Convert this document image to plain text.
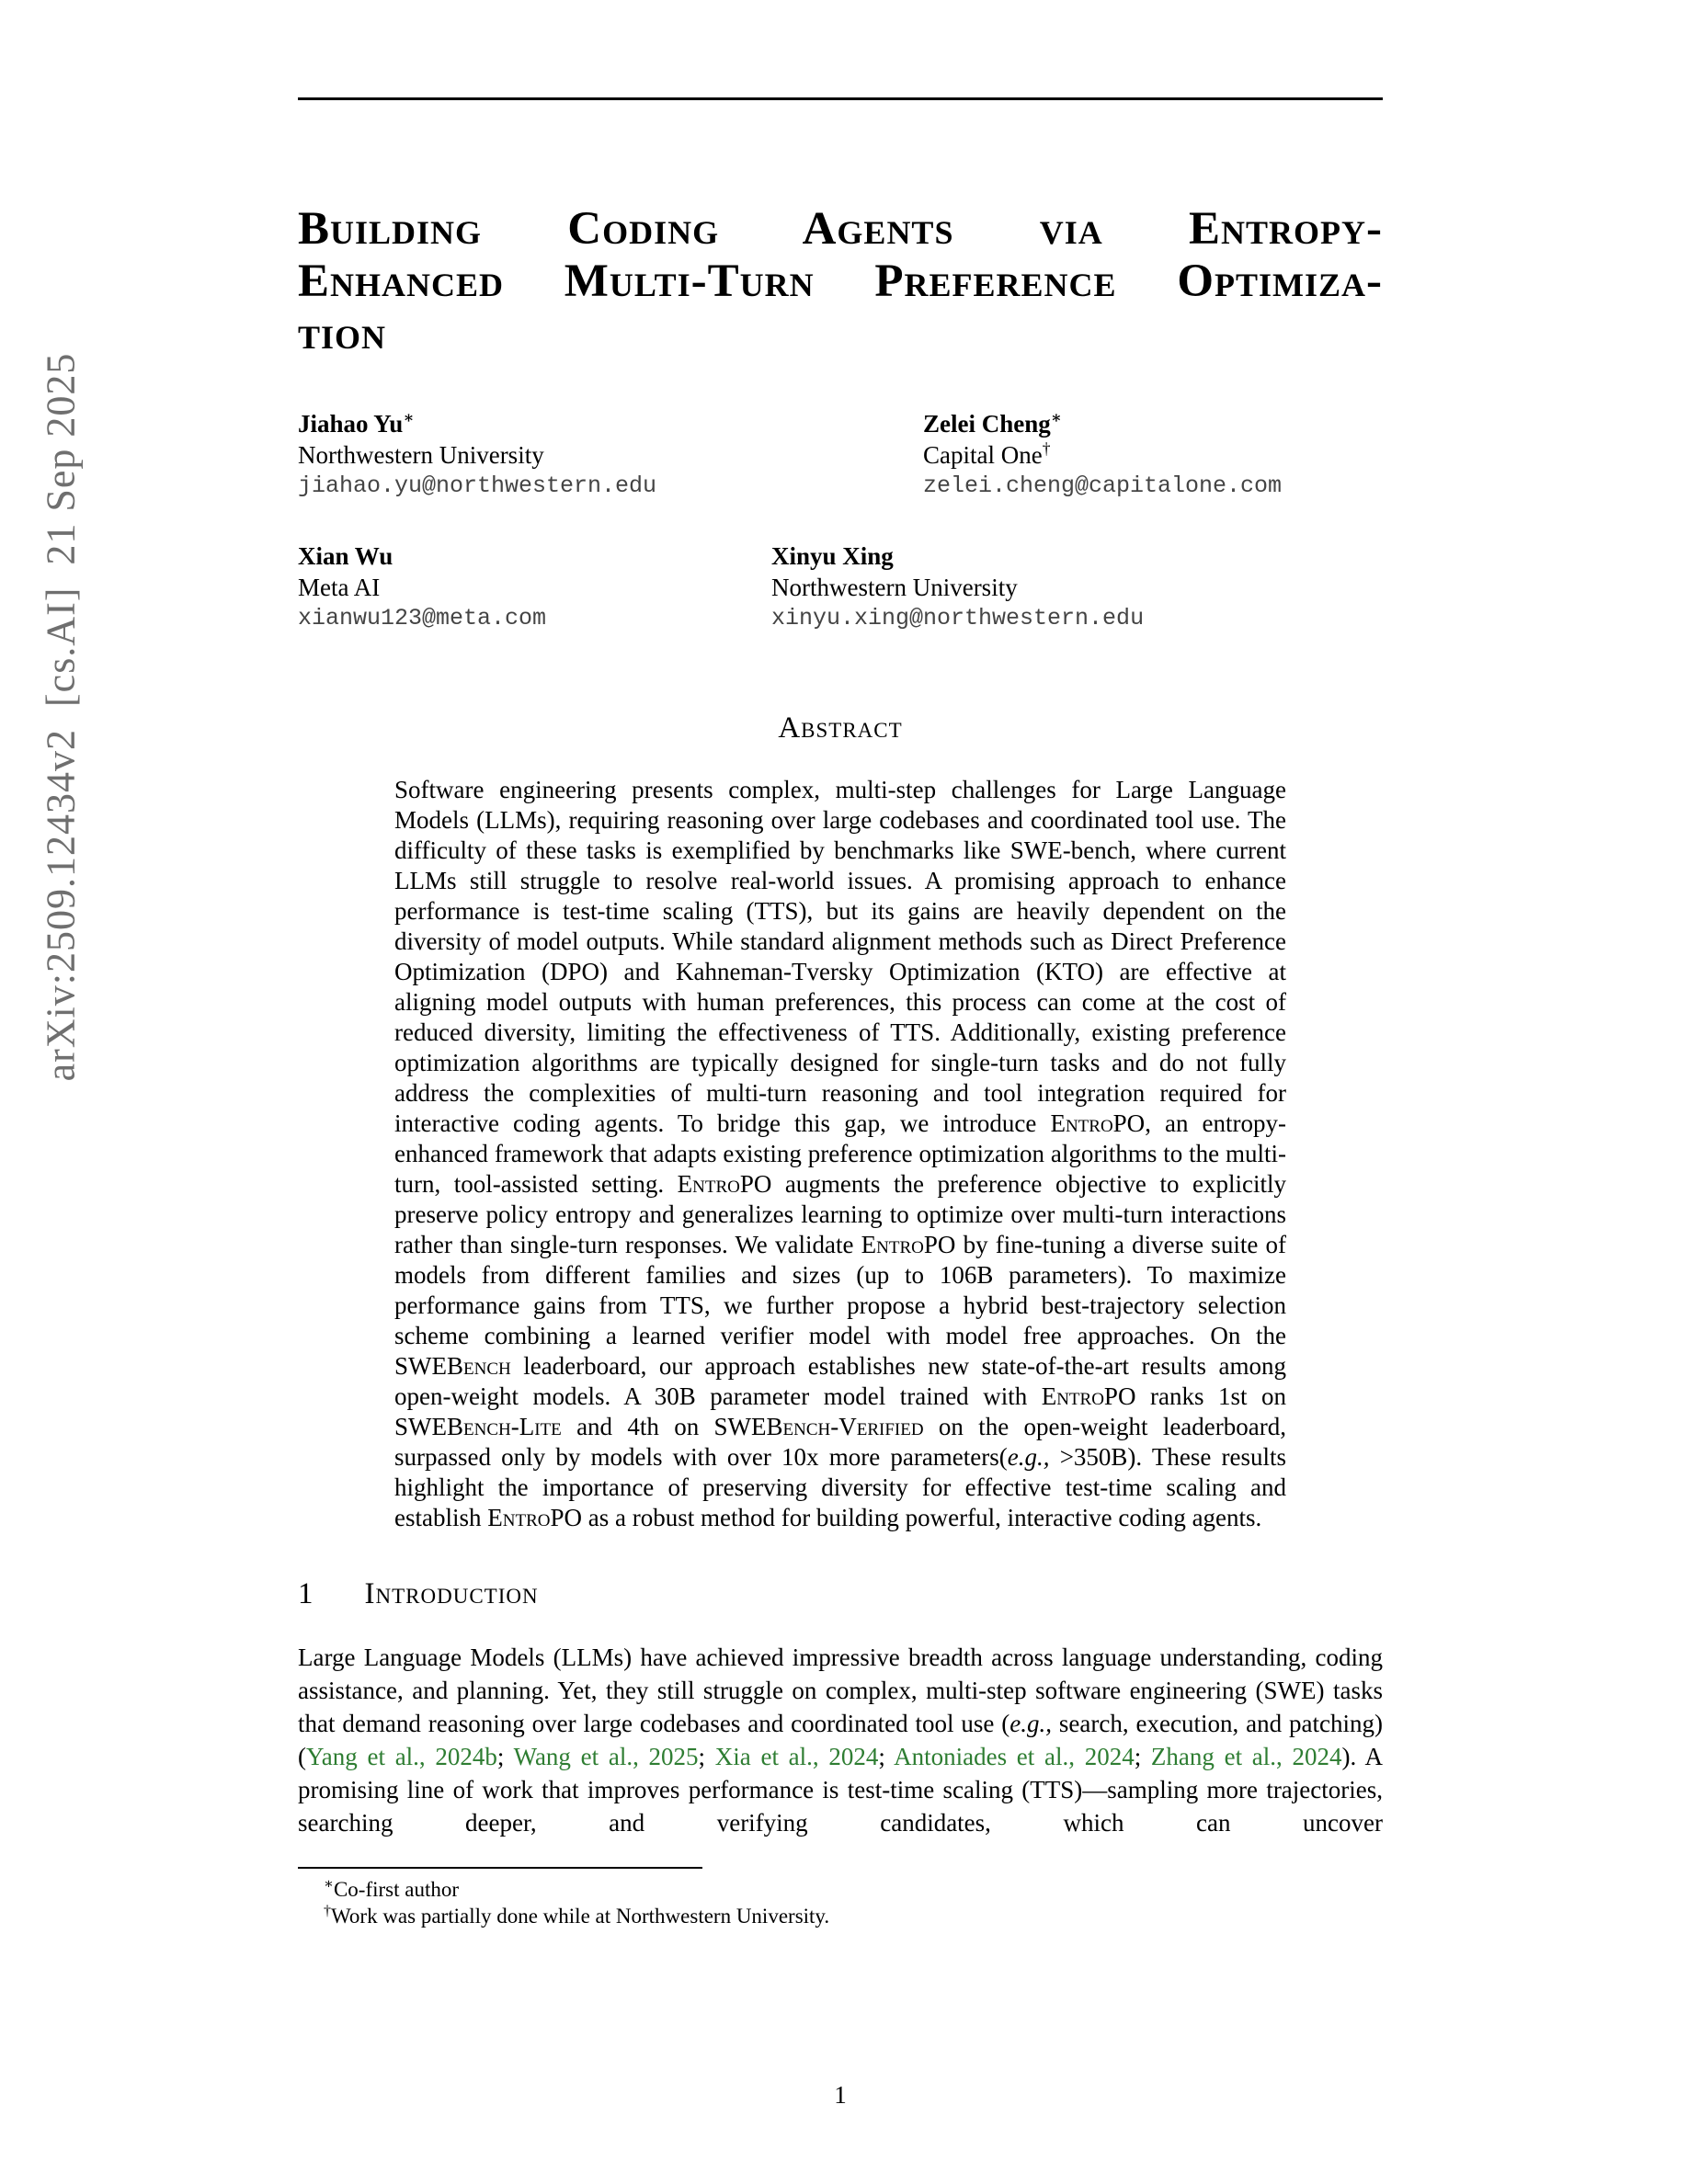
arXiv:2509.12434v2  [cs.AI]  21 Sep 2025
Building Coding Agents via Entropy-
Enhanced Multi-Turn Preference Optimiza-
tion
Jiahao Yu∗
Northwestern University
jiahao.yu@northwestern.edu
Zelei Cheng∗
Capital One†
zelei.cheng@capitalone.com
Xian Wu
Meta AI
xianwu123@meta.com
Xinyu Xing
Northwestern University
xinyu.xing@northwestern.edu
Abstract

Software engineering presents complex, multi-step challenges for Large Language Models (LLMs), requiring reasoning over large codebases and coordinated tool use. The difficulty of these tasks is exemplified by benchmarks like SWE-bench, where current LLMs still struggle to resolve real-world issues. A promising approach to enhance performance is test-time scaling (TTS), but its gains are heavily dependent on the diversity of model outputs. While standard alignment methods such as Direct Preference Optimization (DPO) and Kahneman-Tversky Optimization (KTO) are effective at aligning model outputs with human preferences, this process can come at the cost of reduced diversity, limiting the effectiveness of TTS. Additionally, existing preference optimization algorithms are typically designed for single-turn tasks and do not fully address the complexities of multi-turn reasoning and tool integration required for interactive coding agents. To bridge this gap, we introduce EntroPO, an entropy-enhanced framework that adapts existing preference optimization algorithms to the multi-turn, tool-assisted setting. EntroPO augments the preference objective to explicitly preserve policy entropy and generalizes learning to optimize over multi-turn interactions rather than single-turn responses. We validate EntroPO by fine-tuning a diverse suite of models from different families and sizes (up to 106B parameters). To maximize performance gains from TTS, we further propose a hybrid best-trajectory selection scheme combining a learned verifier model with model free approaches. On the SWEBench leaderboard, our approach establishes new state-of-the-art results among open-weight models. A 30B parameter model trained with EntroPO ranks 1st on SWEBench-Lite and 4th on SWEBench-Verified on the open-weight leaderboard, surpassed only by models with over 10x more parameters(e.g., >350B). These results highlight the importance of preserving diversity for effective test-time scaling and establish EntroPO as a robust method for building powerful, interactive coding agents.

1 Introduction

Large Language Models (LLMs) have achieved impressive breadth across language understanding, coding assistance, and planning. Yet, they still struggle on complex, multi-step software engineering (SWE) tasks that demand reasoning over large codebases and coordinated tool use (e.g., search, execution, and patching) (Yang et al., 2024b; Wang et al., 2025; Xia et al., 2024; Antoniades et al., 2024; Zhang et al., 2024). A promising line of work that improves performance is test-time scaling (TTS)—sampling more trajectories, searching deeper, and verifying candidates, which can uncover

∗Co-first author

†Work was partially done while at Northwestern University.

1
